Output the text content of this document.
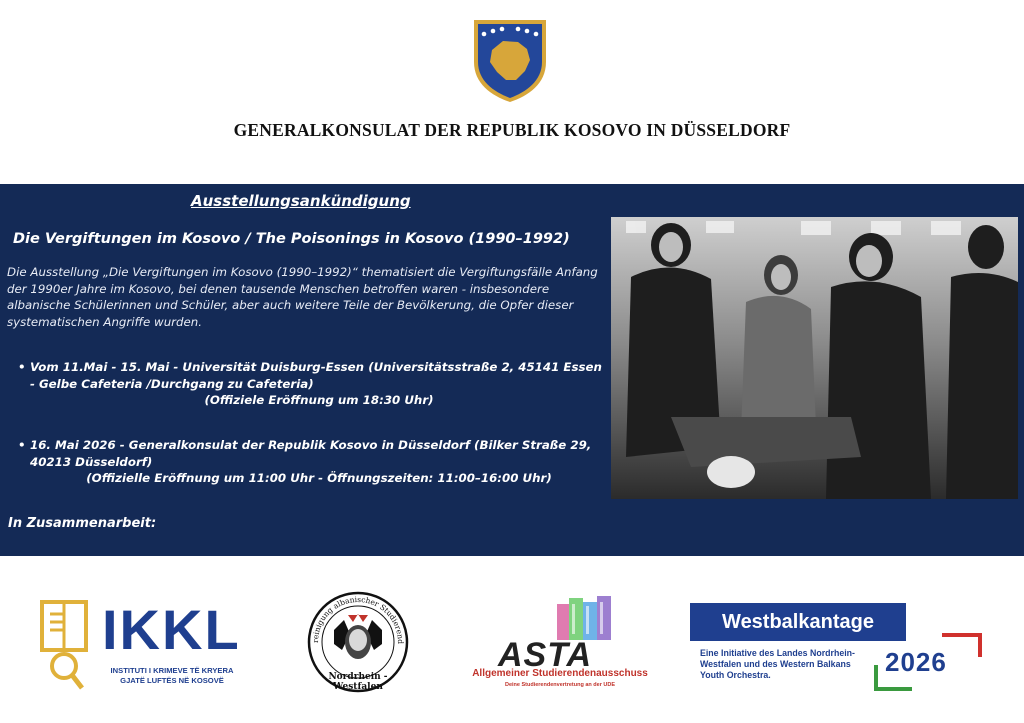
GENERALKONSULAT DER REPUBLIK KOSOVO IN DÜSSELDORF
Ausstellungsankündigung
Die Vergiftungen im Kosovo / The Poisonings in Kosovo (1990–1992)
Die Ausstellung „Die Vergiftungen im Kosovo (1990–1992)“ thematisiert die Vergiftungsfälle Anfang der 1990er Jahre im Kosovo, bei denen tausende Menschen betroffen waren - insbesondere albanische Schülerinnen und Schüler, aber auch weitere Teile der Bevölkerung, die Opfer dieser systematischen Angriffe wurden.
• Vom 11.Mai - 15. Mai - Universität Duisburg-Essen (Universitätsstraße 2, 45141 Essen - Gelbe Cafeteria /Durchgang zu Cafeteria)
(Offiziele Eröffnung um 18:30 Uhr)
• 16. Mai 2026 - Generalkonsulat der Republik Kosovo in Düsseldorf (Bilker Straße 29, 40213 Düsseldorf)
(Offizielle Eröffnung um 11:00 Uhr - Öffnungszeiten: 11:00–16:00 Uhr)
In Zusammenarbeit:
IKKL
INSTITUTI I KRIMEVE TË KRYERA GJATË LUFTËS NË KOSOVË
reinigung albanischer Studierend
Nordrhein - Westfalen
ASTA
Allgemeiner Studierendenausschuss
Deine Studierendenvertretung an der UDE
Westbalkantage
Eine Initiative des Landes Nordrhein-Westfalen und des Western Balkans Youth Orchestra.	2026
